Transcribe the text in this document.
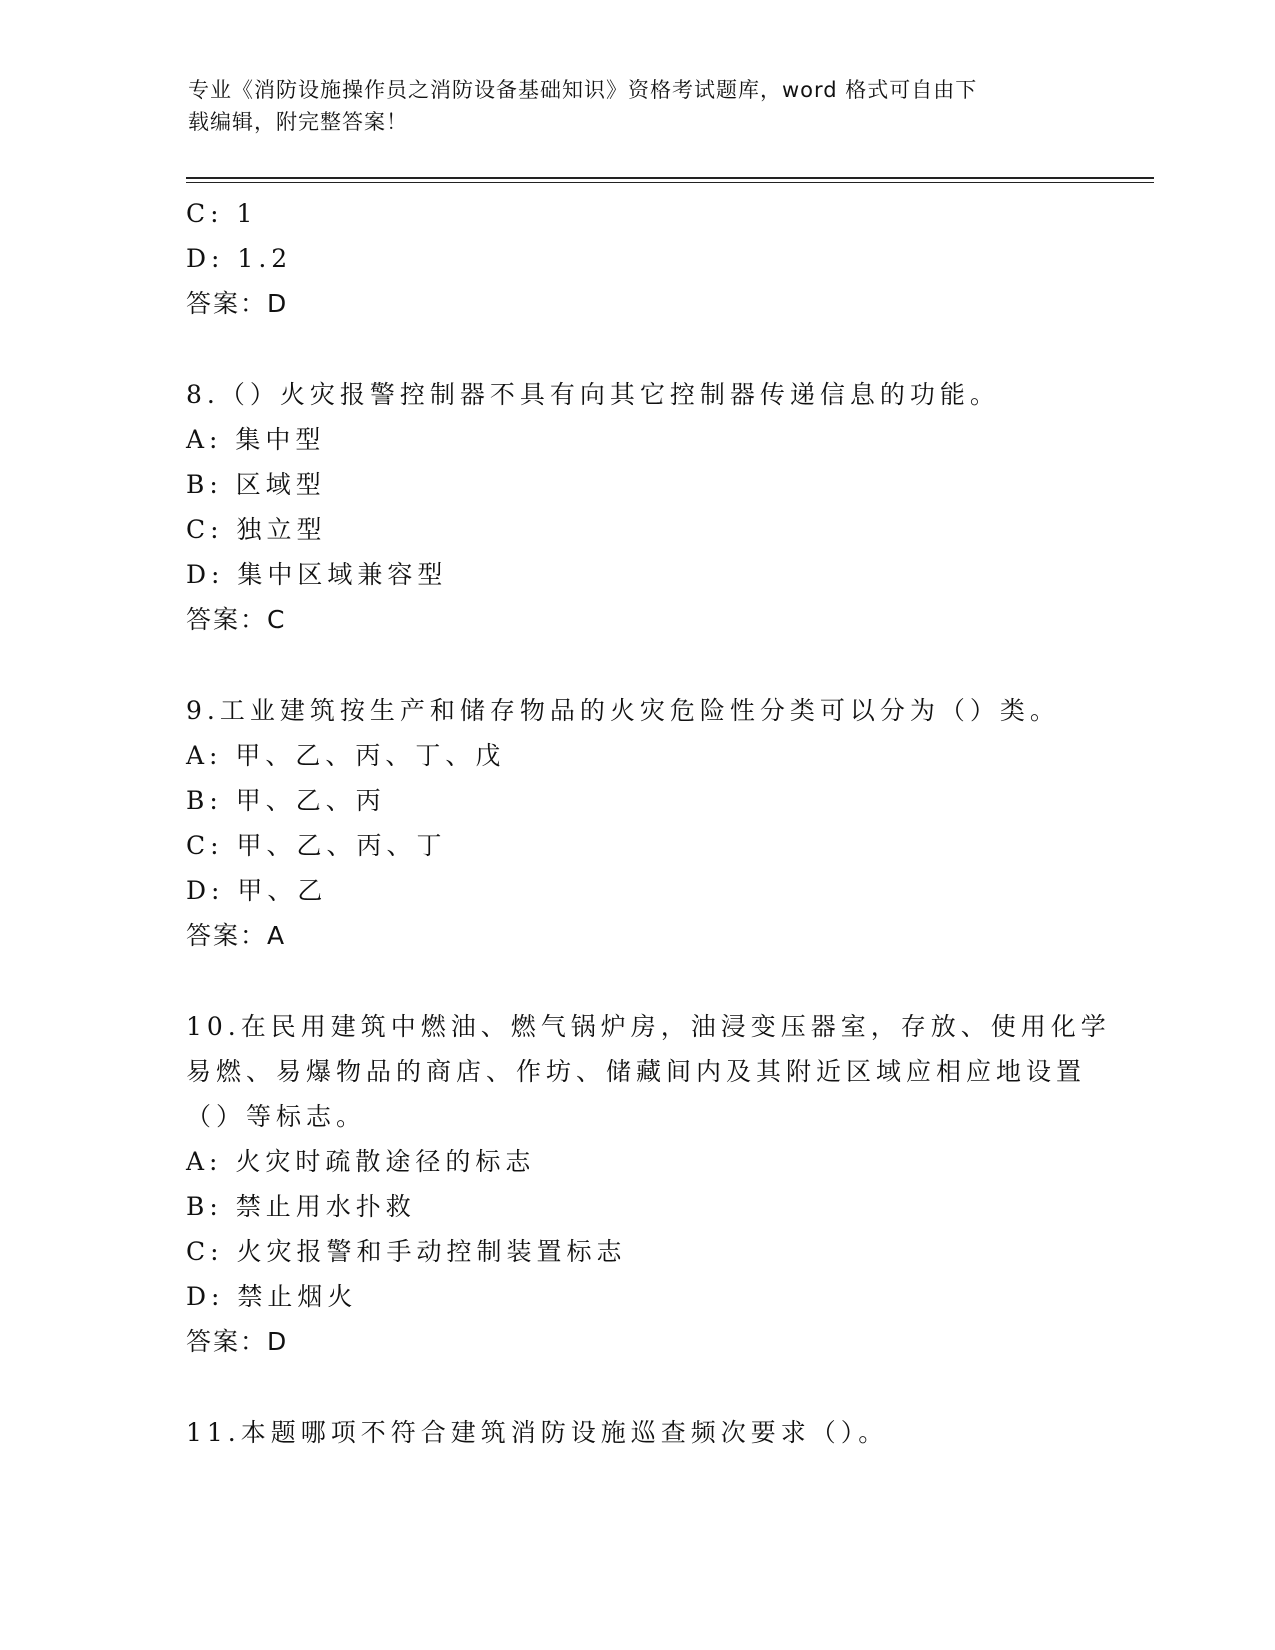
专业《消防设施操作员之消防设备基础知识》资格考试题库，word 格式可自由下
载编辑，附完整答案！
C: 1
D: 1.2
答案：D
8.（）火灾报警控制器不具有向其它控制器传递信息的功能。
A: 集中型
B: 区域型
C: 独立型
D: 集中区域兼容型
答案：C
9.工业建筑按生产和储存物品的火灾危险性分类可以分为（）类。
A: 甲、乙、丙、丁、戊
B: 甲、乙、丙
C: 甲、乙、丙、丁
D: 甲、乙
答案：A
10.在民用建筑中燃油、燃气锅炉房，油浸变压器室，存放、使用化学
易燃、易爆物品的商店、作坊、储藏间内及其附近区域应相应地设置
（）等标志。
A: 火灾时疏散途径的标志
B: 禁止用水扑救
C: 火灾报警和手动控制装置标志
D: 禁止烟火
答案：D
11.本题哪项不符合建筑消防设施巡查频次要求（）。
